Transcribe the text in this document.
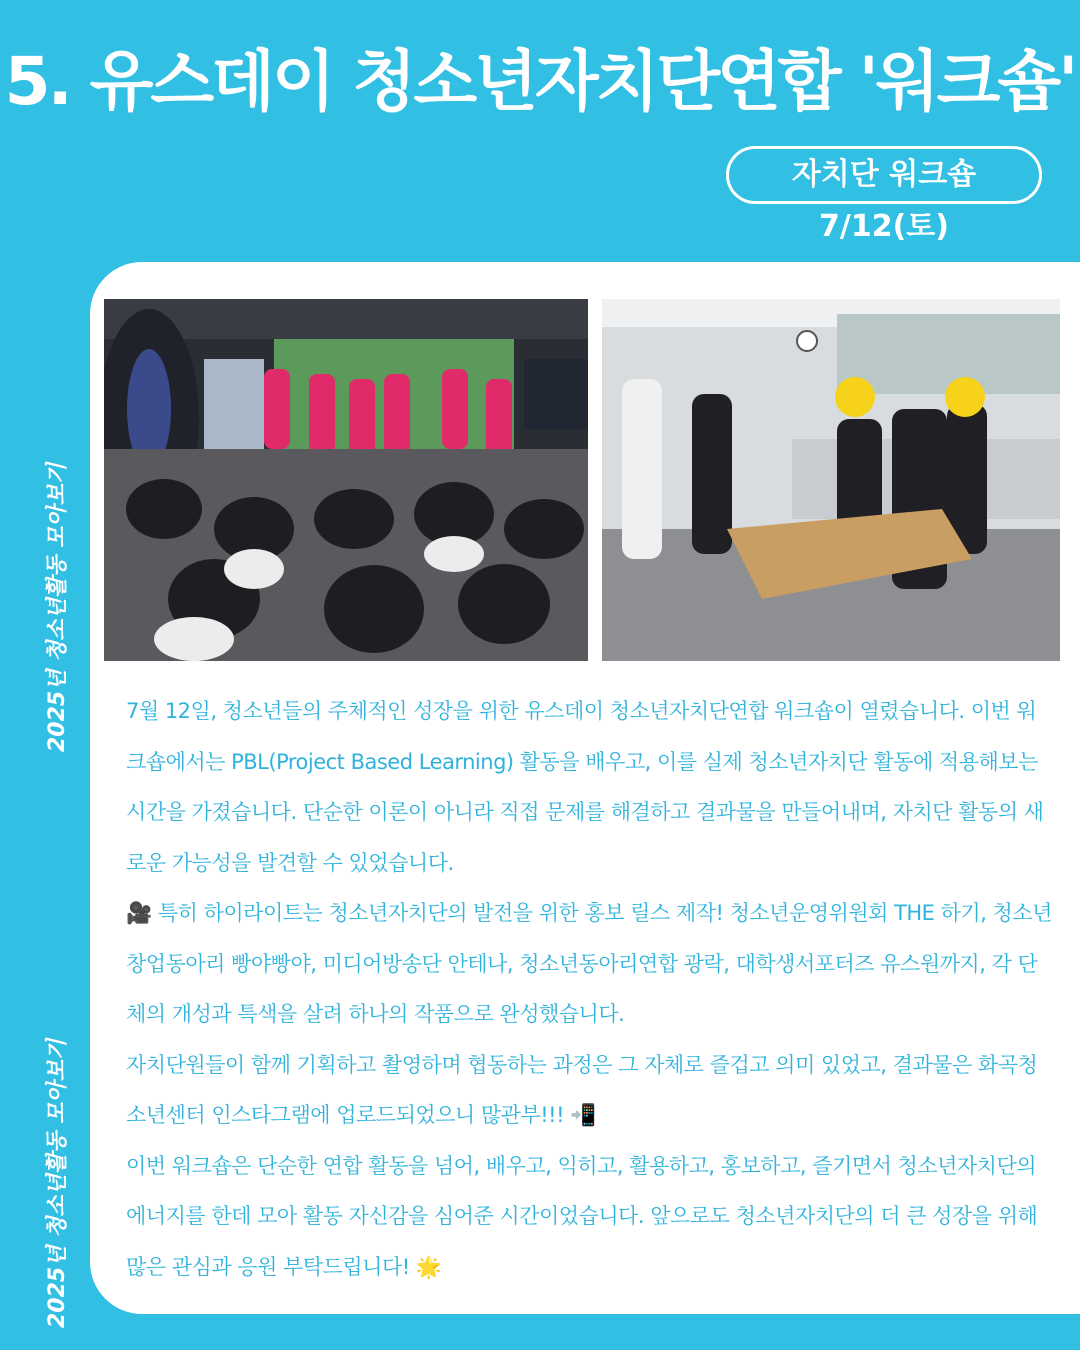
5. 유스데이 청소년자치단연합 '워크숍'
자치단 워크숍 7/12(토)
2025년 청소년활동 모아보기
2025년 청소년활동 모아보기

7월 12일, 청소년들의 주체적인 성장을 위한 유스데이 청소년자치단연합 워크숍이 열렸습니다. 이번 워크숍에서는 PBL(Project Based Learning) 활동을 배우고, 이를 실제 청소년자치단 활동에 적용해보는 시간을 가졌습니다. 단순한 이론이 아니라 직접 문제를 해결하고 결과물을 만들어내며, 자치단 활동의 새로운 가능성을 발견할 수 있었습니다.

🎥 특히 하이라이트는 청소년자치단의 발전을 위한 홍보 릴스 제작! 청소년운영위원회 THE 하기, 청소년창업동아리 빵야빵야, 미디어방송단 안테나, 청소년동아리연합 광락, 대학생서포터즈 유스원까지, 각 단체의 개성과 특색을 살려 하나의 작품으로 완성했습니다.

자치단원들이 함께 기획하고 촬영하며 협동하는 과정은 그 자체로 즐겁고 의미 있었고, 결과물은 화곡청소년센터 인스타그램에 업로드되었으니 많관부!!! 📲

이번 워크숍은 단순한 연합 활동을 넘어, 배우고, 익히고, 활용하고, 홍보하고, 즐기면서 청소년자치단의 에너지를 한데 모아 활동 자신감을 심어준 시간이었습니다. 앞으로도 청소년자치단의 더 큰 성장을 위해 많은 관심과 응원 부탁드립니다! 🌟
